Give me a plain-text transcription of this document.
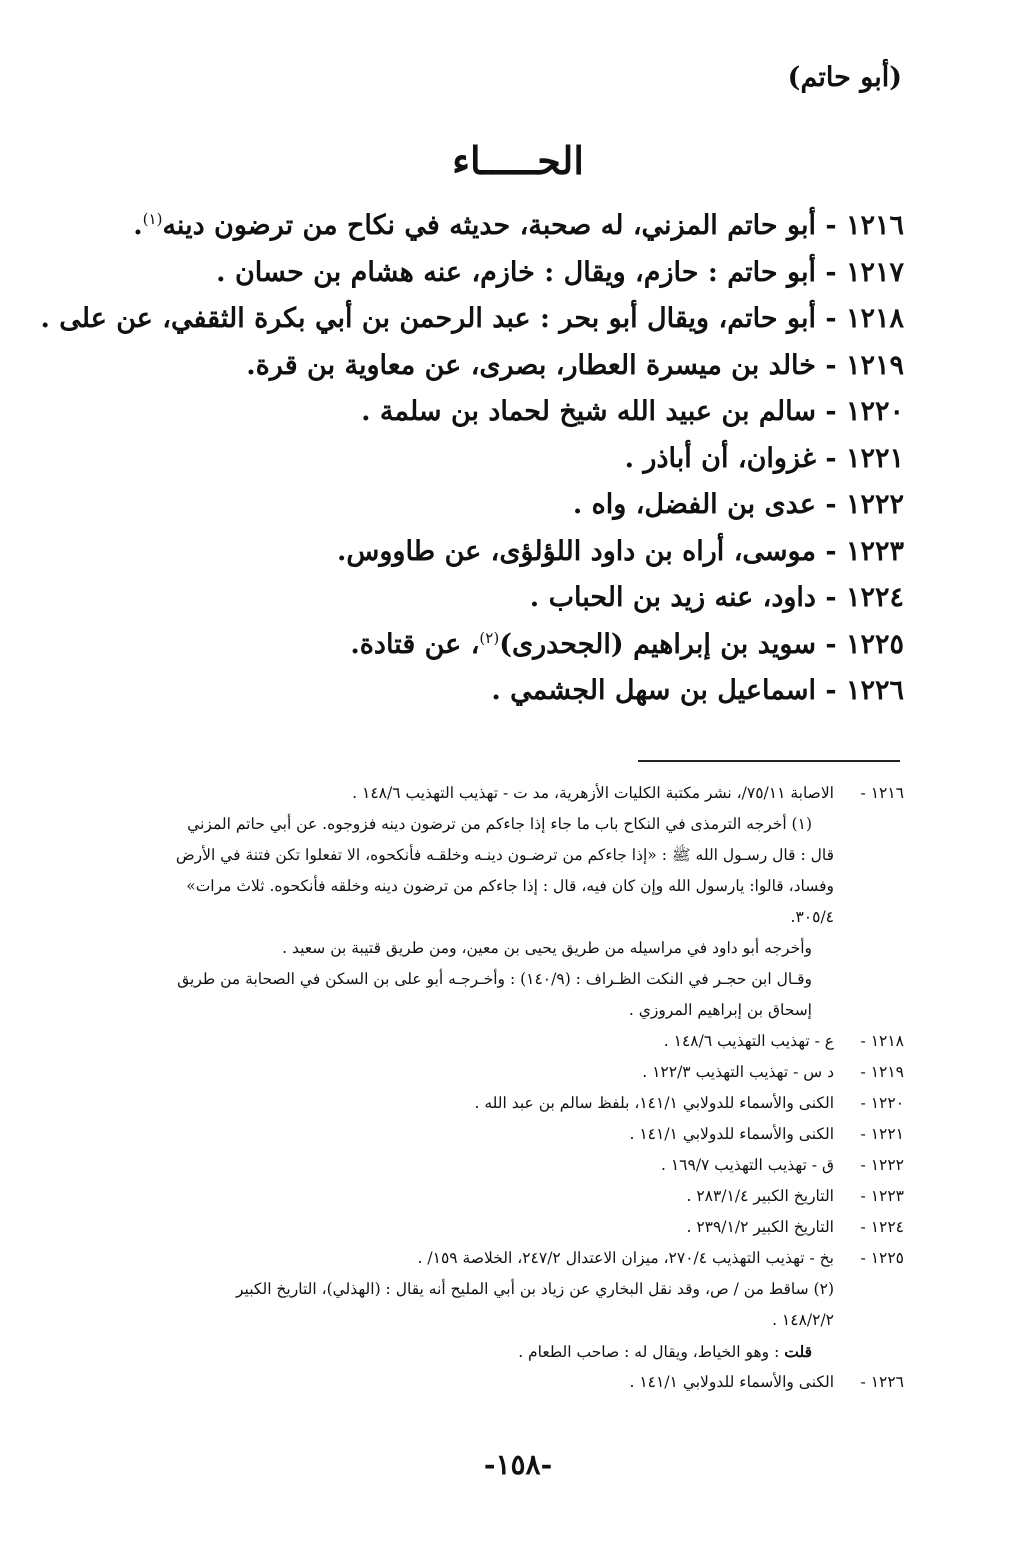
(أبو حاتم)
الحـــــاء
١٢١٦ - أبو حاتم المزني، له صحبة، حديثه في نكاح من ترضون دينه$^{(١)}$.
١٢١٧ - أبو حاتم : حازم، ويقال : خازم، عنه هشام بن حسان .
١٢١٨ - أبو حاتم، ويقال أبو بحر : عبد الرحمن بن أبي بكرة الثقفي، عن على .
١٢١٩ - خالد بن ميسرة العطار، بصرى، عن معاوية بن قرة.
١٢٢٠ - سالم بن عبيد الله شيخ لحماد بن سلمة .
١٢٢١ - غزوان، أن أباذر .
١٢٢٢ - عدى بن الفضل، واه .
١٢٢٣ - موسى، أراه بن داود اللؤلؤى، عن طاووس.
١٢٢٤ - داود، عنه زيد بن الحباب .
١٢٢٥ - سويد بن إبراهيم (الجحدرى)$^{(٢)}$، عن قتادة.
١٢٢٦ - اسماعيل بن سهل الجشمي .
١٢١٦ -
الاصابة ٧٥/١١/، نشر مكتبة الكليات الأزهرية، مد ت - تهذيب التهذيب ١٤٨/٦ .
(١) أخرجه الترمذى في النكاح باب ما جاء إذا جاءكم من ترضون دينه فزوجوه. عن أبي حاتم المزني
قال : قال رسـول الله ﷺ : «إذا جاءكم من ترضـون دينـه وخلقـه فأنكحوه، الا تفعلوا تكن فتنة في الأرض
وفساد، قالوا: يارسول الله وإن كان فيه، قال : إذا جاءكم من ترضون دينه وخلقه فأنكحوه. ثلاث مرات»
٣٠٥/٤.
وأخرجه أبو داود في مراسيله من طريق يحيى بن معين، ومن طريق قتيبة بن سعيد .
وقـال ابن حجـر في النكت الظـراف : (١٤٠/٩) : وأخـرجـه أبو على بن السكن في الصحابة من طريق
إسحاق بن إبراهيم المروزي .
١٢١٨ -
ع - تهذيب التهذيب ١٤٨/٦ .
١٢١٩ -
د س - تهذيب التهذيب ١٢٢/٣ .
١٢٢٠ -
الكنى والأسماء للدولابي ١٤١/١، بلفظ سالم بن عبد الله .
١٢٢١ -
الكنى والأسماء للدولابي ١٤١/١ .
١٢٢٢ -
ق - تهذيب التهذيب ١٦٩/٧ .
١٢٢٣ -
التاريخ الكبير ٢٨٣/١/٤ .
١٢٢٤ -
التاريخ الكبير ٢٣٩/١/٢ .
١٢٢٥ -
بخ - تهذيب التهذيب ٢٧٠/٤، ميزان الاعتدال ٢٤٧/٢، الخلاصة ١٥٩/ .
(٢) ساقط من / ص، وقد نقل البخاري عن زياد بن أبي المليح أنه يقال : (الهذلي)، التاريخ الكبير
١٤٨/٢/٢ .
قلت : وهو الخياط، ويقال له : صاحب الطعام .
١٢٢٦ -
الكنى والأسماء للدولابي ١٤١/١ .
-١٥٨-
